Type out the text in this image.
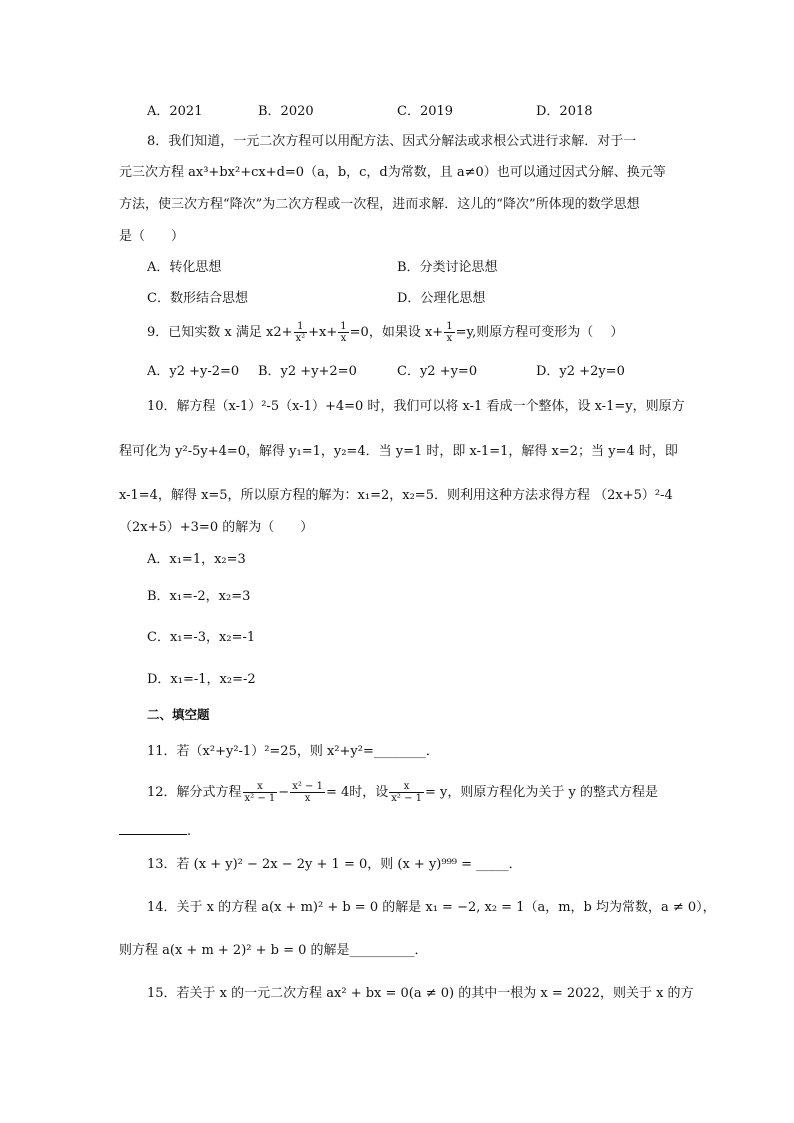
A．2021	B．2020	C．2019	D．2018
8．我们知道，一元二次方程可以用配方法、因式分解法或求根公式进行求解．对于一
元三次方程 ax³+bx²+cx+d=0（a，b，c，d为常数，且 a≠0）也可以通过因式分解、换元等
方法，使三次方程“降次”为二次方程或一次程，进而求解．这儿的“降次”所体现的数学思想
是（　　）
A．转化思想	B．分类讨论思想
C．数形结合思想	D．公理化思想
9．已知实数 x 满足 $x2+ \frac{1}{\text{x²}} +x+ \frac{1}{x} =0$，如果设 $x+ \frac{1}{x} =y$,则原方程可变形为（　 ）
A．y2 +y-2=0 B．y2 +y+2=0	C．y2 +y=0	D．y2 +2y=0
10．解方程（x-1）²-5（x-1）+4=0 时，我们可以将 x-1 看成一个整体，设 x-1=y，则原方
程可化为 y²-5y+4=0，解得 y₁=1，y₂=4．当 y=1 时，即 x-1=1，解得 x=2；当 y=4 时，即
x-1=4，解得 x=5，所以原方程的解为：x₁=2，x₂=5．则利用这种方法求得方程 （2x+5）²-4
（2x+5）+3=0 的解为（　　）
A．x₁=1，x₂=3
B．x₁=-2，x₂=3
C．x₁=-3，x₂=-1
D．x₁=-1，x₂=-2
二、填空题
11．若（x²+y²-1）²=25，则 x²+y²=________．
12．解分式方程 $\frac{x}{\text{x² − 1}} - \frac{\text{x² − 1}}{x} = 4$时，设 $\frac{x}{\text{x² − 1}} = y$，则原方程化为关于 y 的整式方程是
.
13．若 (x + y)² − 2x − 2y + 1 = 0，则 (x + y)⁹⁹⁹ = _____．
14．关于 x 的方程 a(x + m)² + b = 0 的解是 x₁ = −2, x₂ = 1（a，m，b 均为常数，a ≠ 0），
则方程 a(x + m + 2)² + b = 0 的解是__________．
15．若关于 x 的一元二次方程 ax² + bx = 0(a ≠ 0) 的其中一根为 x = 2022，则关于 x 的方
